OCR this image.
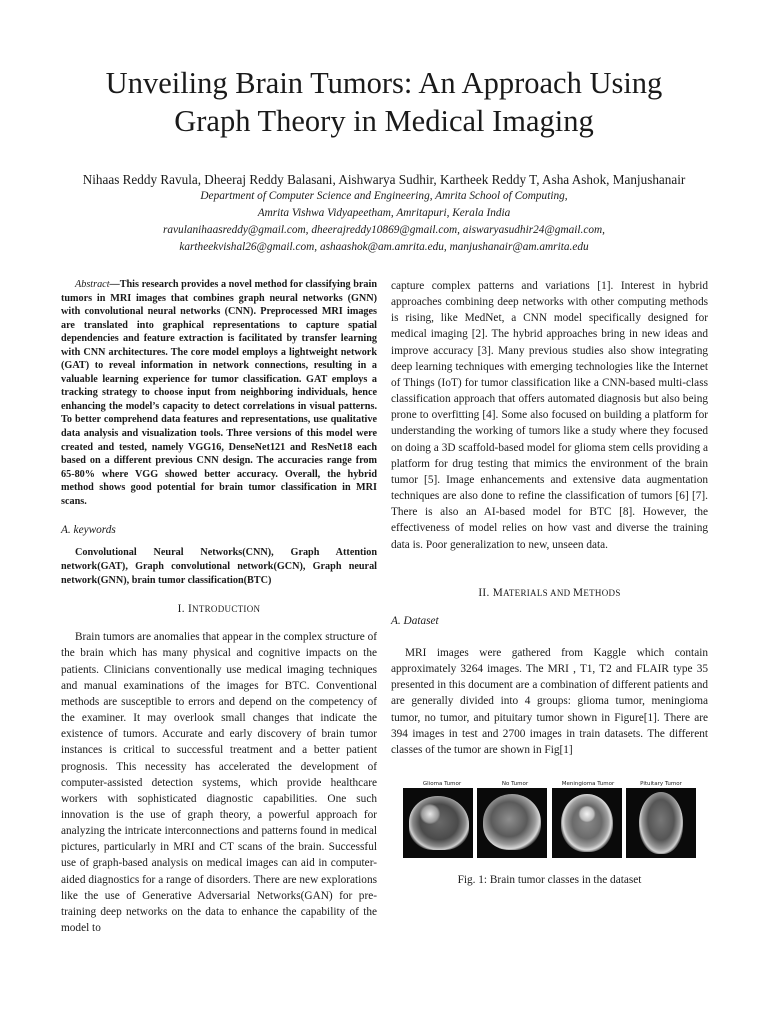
Unveiling Brain Tumors: An Approach Using
Graph Theory in Medical Imaging
Nihaas Reddy Ravula, Dheeraj Reddy Balasani, Aishwarya Sudhir, Kartheek Reddy T, Asha Ashok, Manjushanair
Department of Computer Science and Engineering, Amrita School of Computing,
Amrita Vishwa Vidyapeetham, Amritapuri, Kerala India
ravulanihaasreddy@gmail.com, dheerajreddy10869@gmail.com, aiswaryasudhir24@gmail.com,
kartheekvishal26@gmail.com, ashaashok@am.amrita.edu, manjushanair@am.amrita.edu

Abstract—This research provides a novel method for classifying brain tumors in MRI images that combines graph neural networks (GNN) with convolutional neural networks (CNN). Preprocessed MRI images are translated into graphical representations to capture spatial dependencies and feature extraction is facilitated by transfer learning with CNN architectures. The core model employs a lightweight network (GAT) to reveal information in network connections, resulting in a valuable learning experience for tumor classification. GAT employs a tracking strategy to choose input from neighboring individuals, hence enhancing the model’s capacity to detect correlations in visual patterns. To better comprehend data features and representations, use qualitative data analysis and visualization tools. Three versions of this model were created and tested, namely VGG16, DenseNet121 and ResNet18 each based on a different previous CNN design. The accuracies range from 65-80% where VGG showed better accuracy. Overall, the hybrid method shows good potential for brain tumor classification in MRI scans.

A. keywords

Convolutional Neural Networks(CNN), Graph Attention network(GAT), Graph convolutional network(GCN), Graph neural network(GNN), brain tumor classification(BTC)

I. INTRODUCTION

Brain tumors are anomalies that appear in the complex structure of the brain which has many physical and cognitive impacts on the patients. Clinicians conventionally use medical imaging techniques and manual examinations of the images for BTC. Conventional methods are susceptible to errors and depend on the competency of the examiner. It may overlook small changes that indicate the existence of tumors. Accurate and early discovery of brain tumor instances is critical to successful treatment and a better patient prognosis. This necessity has accelerated the development of computer-assisted detection systems, which provide healthcare workers with sophisticated diagnostic capabilities. One such innovation is the use of graph theory, a powerful approach for analyzing the intricate interconnections and patterns found in medical pictures, particularly in MRI and CT scans of the brain. Successful use of graph-based analysis on medical images can aid in computer-aided diagnostics for a range of disorders. There are new explorations like the use of Generative Adversarial Networks(GAN) for pre-training deep networks on the data to enhance the capability of the model to

capture complex patterns and variations [1]. Interest in hybrid approaches combining deep networks with other computing methods is rising, like MedNet, a CNN model specifically designed for medical imaging [2]. The hybrid approaches bring in new ideas and improve accuracy [3]. Many previous studies also show integrating deep learning techniques with emerging technologies like the Internet of Things (IoT) for tumor classification like a CNN-based multi-class classification approach that offers automated diagnosis but also being prone to overfitting [4]. Some also focused on building a platform for understanding the working of tumors like a study where they focused on doing a 3D scaffold-based model for glioma stem cells providing a platform for drug testing that mimics the environment of the brain tumor [5]. Image enhancements and extensive data augmentation techniques are also done to refine the classification of tumors [6] [7]. There is also an AI-based model for BTC [8]. However, the effectiveness of model relies on how vast and diverse the training data is. Poor generalization to new, unseen data.

II. MATERIALS AND METHODS
A. Dataset

MRI images were gathered from Kaggle which contain approximately 3264 images. The MRI , T1, T2 and FLAIR type 35 presented in this document are a combination of different patients and are generally divided into 4 groups: glioma tumor, meningioma tumor, no tumor, and pituitary tumor shown in Figure[1]. There are 394 images in test and 2700 images in train datasets. The different classes of the tumor are shown in Fig[1]

Glioma Tumor	No Tumor	Meningioma Tumor	Pituitary Tumor
Fig. 1: Brain tumor classes in the dataset
